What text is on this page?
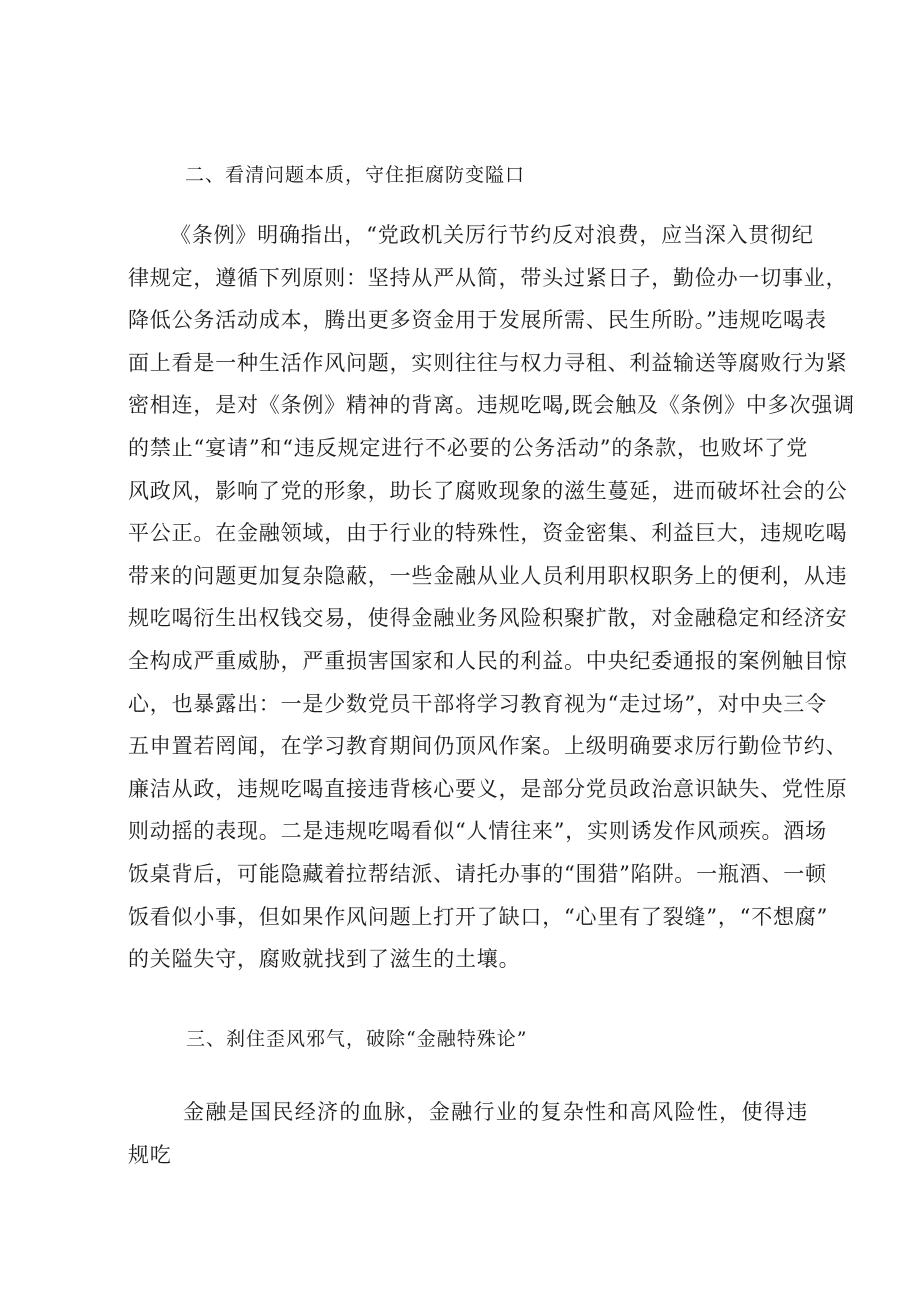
二、看清问题本质，守住拒腐防变隘口
《条例》明确指出，“党政机关厉行节约反对浪费，应当深入贯彻纪
律规定，遵循下列原则：坚持从严从简，带头过紧日子，勤俭办一切事业，
降低公务活动成本，腾出更多资金用于发展所需、民生所盼。”违规吃喝表
面上看是一种生活作风问题，实则往往与权力寻租、利益输送等腐败行为紧
密相连，是对《条例》精神的背离。违规吃喝,既会触及《条例》中多次强调
的禁止“宴请”和“违反规定进行不必要的公务活动”的条款，也败坏了党
风政风，影响了党的形象，助长了腐败现象的滋生蔓延，进而破坏社会的公
平公正。在金融领域，由于行业的特殊性，资金密集、利益巨大，违规吃喝
带来的问题更加复杂隐蔽，一些金融从业人员利用职权职务上的便利，从违
规吃喝衍生出权钱交易，使得金融业务风险积聚扩散，对金融稳定和经济安
全构成严重威胁，严重损害国家和人民的利益。中央纪委通报的案例触目惊
心，也暴露出：一是少数党员干部将学习教育视为“走过场”，对中央三令
五申置若罔闻，在学习教育期间仍顶风作案。上级明确要求厉行勤俭节约、
廉洁从政，违规吃喝直接违背核心要义，是部分党员政治意识缺失、党性原
则动摇的表现。二是违规吃喝看似“人情往来”，实则诱发作风顽疾。酒场
饭桌背后，可能隐藏着拉帮结派、请托办事的“围猎”陷阱。一瓶酒、一顿
饭看似小事，但如果作风问题上打开了缺口，“心里有了裂缝”，“不想腐”
的关隘失守，腐败就找到了滋生的土壤。
三、刹住歪风邪气，破除“金融特殊论”
金融是国民经济的血脉，金融行业的复杂性和高风险性，使得违规吃
